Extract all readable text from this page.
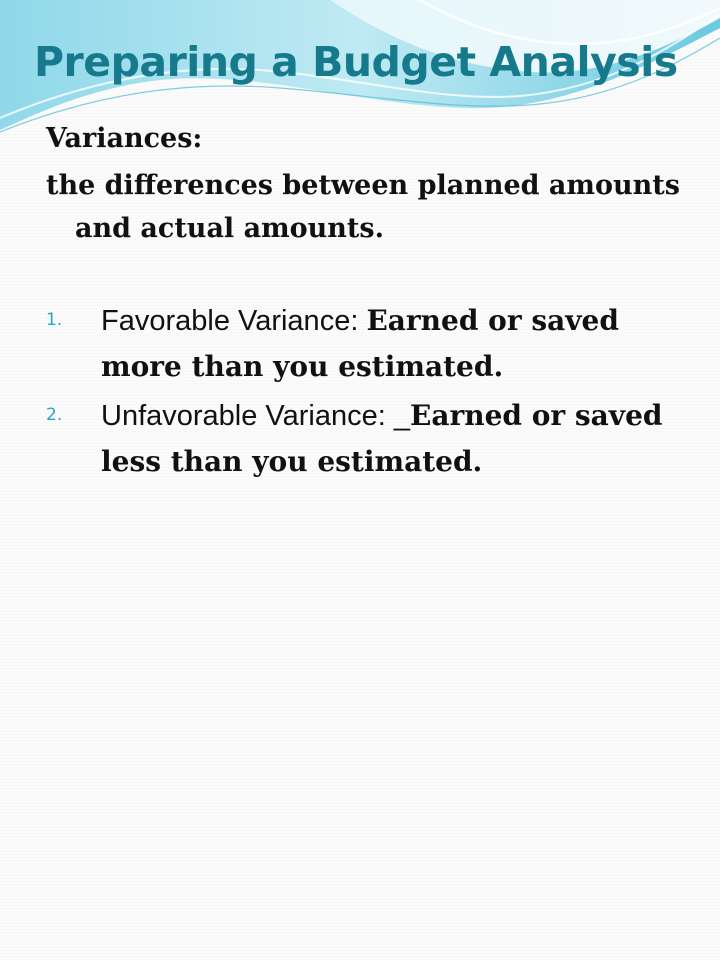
Preparing a Budget Analysis

Variances:

the differences between planned amounts and actual amounts.

1. Favorable Variance: Earned or saved more than you estimated.
2. Unfavorable Variance: _Earned or saved less than you estimated.
